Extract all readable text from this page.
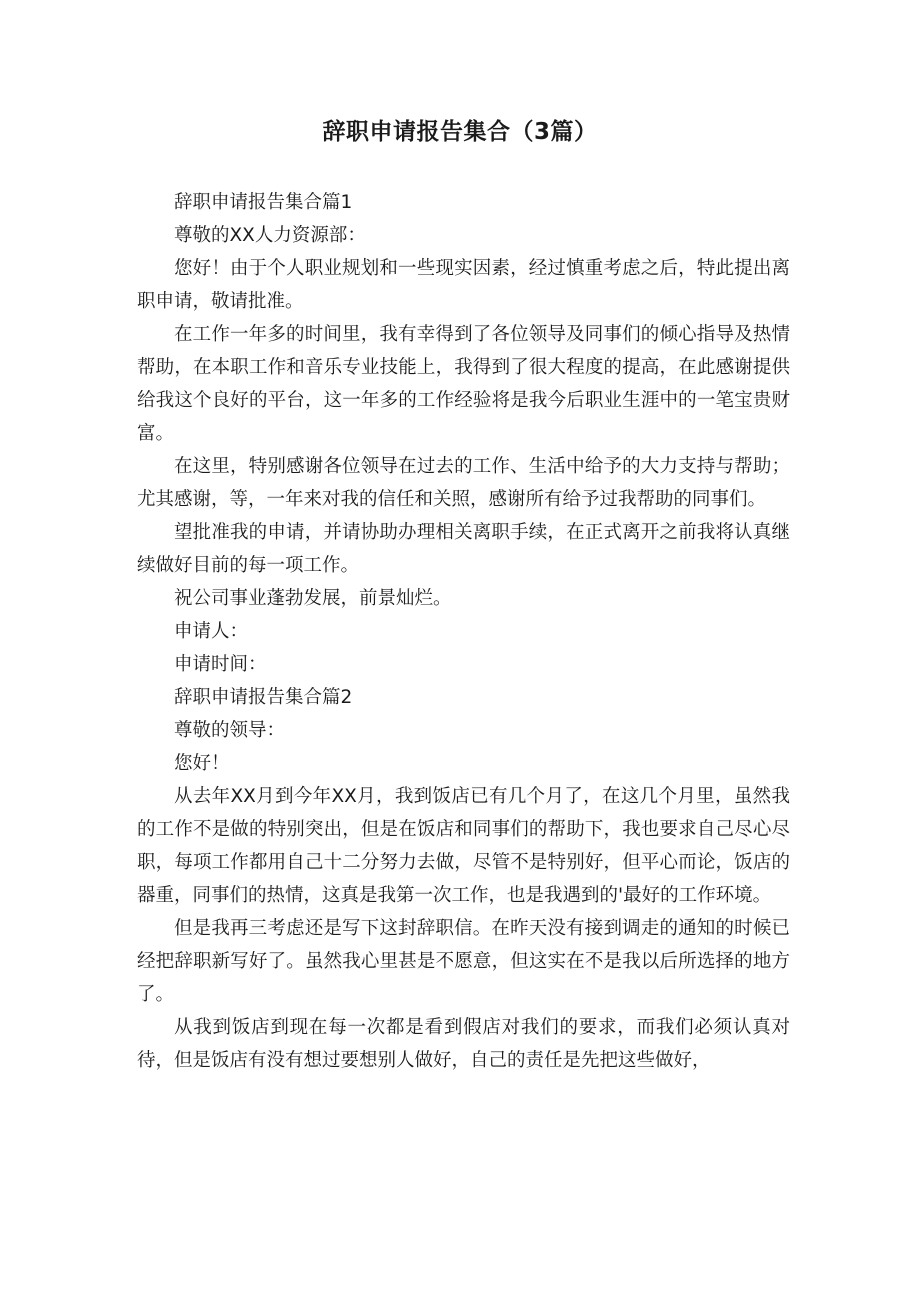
辞职申请报告集合（3篇）

辞职申请报告集合篇1

尊敬的XX人力资源部：

您好！由于个人职业规划和一些现实因素，经过慎重考虑之后，特此提出离职申请，敬请批准。

在工作一年多的时间里，我有幸得到了各位领导及同事们的倾心指导及热情帮助，在本职工作和音乐专业技能上，我得到了很大程度的提高，在此感谢提供给我这个良好的平台，这一年多的工作经验将是我今后职业生涯中的一笔宝贵财富。

在这里，特别感谢各位领导在过去的工作、生活中给予的大力支持与帮助；尤其感谢，等，一年来对我的信任和关照，感谢所有给予过我帮助的同事们。

望批准我的申请，并请协助办理相关离职手续，在正式离开之前我将认真继续做好目前的每一项工作。

祝公司事业蓬勃发展，前景灿烂。

申请人：

申请时间：

辞职申请报告集合篇2

尊敬的领导：

您好！

从去年XX月到今年XX月，我到饭店已有几个月了，在这几个月里，虽然我的工作不是做的特别突出，但是在饭店和同事们的帮助下，我也要求自己尽心尽职，每项工作都用自己十二分努力去做，尽管不是特别好，但平心而论，饭店的器重，同事们的热情，这真是我第一次工作，也是我遇到的'最好的工作环境。

但是我再三考虑还是写下这封辞职信。在昨天没有接到调走的通知的时候已经把辞职新写好了。虽然我心里甚是不愿意，但这实在不是我以后所选择的地方了。

从我到饭店到现在每一次都是看到假店对我们的要求，而我们必须认真对待，但是饭店有没有想过要想别人做好，自己的责任是先把这些做好，
